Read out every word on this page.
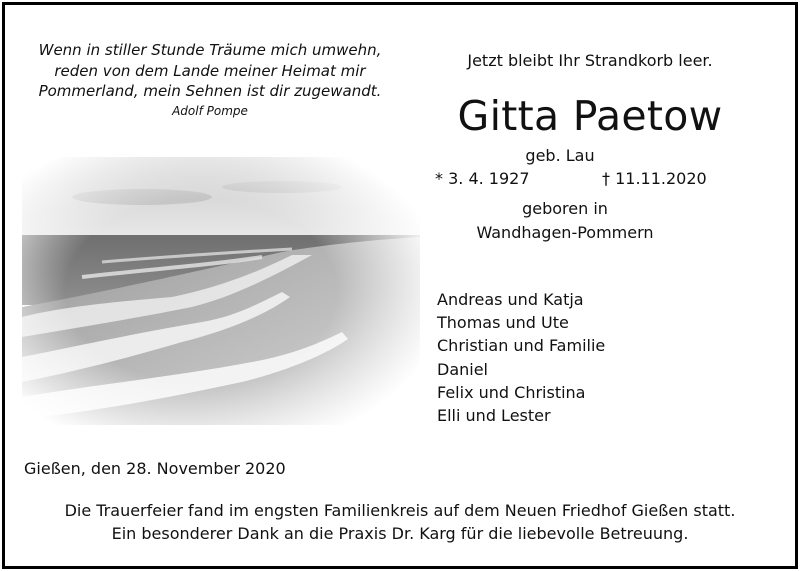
Wenn in stiller Stunde Träume mich umwehn,
reden von dem Lande meiner Heimat mir
Pommerland, mein Sehnen ist dir zugewandt.
Adolf Pompe
Jetzt bleibt Ihr Strandkorb leer.
Gitta Paetow
geb. Lau
* 3. 4. 1927	† 11.11.2020
geboren in
Wandhagen-Pommern
Andreas und Katja
Thomas und Ute
Christian und Familie
Daniel
Felix und Christina
Elli und Lester
Gießen, den 28. November 2020
Die Trauerfeier fand im engsten Familienkreis auf dem Neuen Friedhof Gießen statt.
Ein besonderer Dank an die Praxis Dr. Karg für die liebevolle Betreuung.
